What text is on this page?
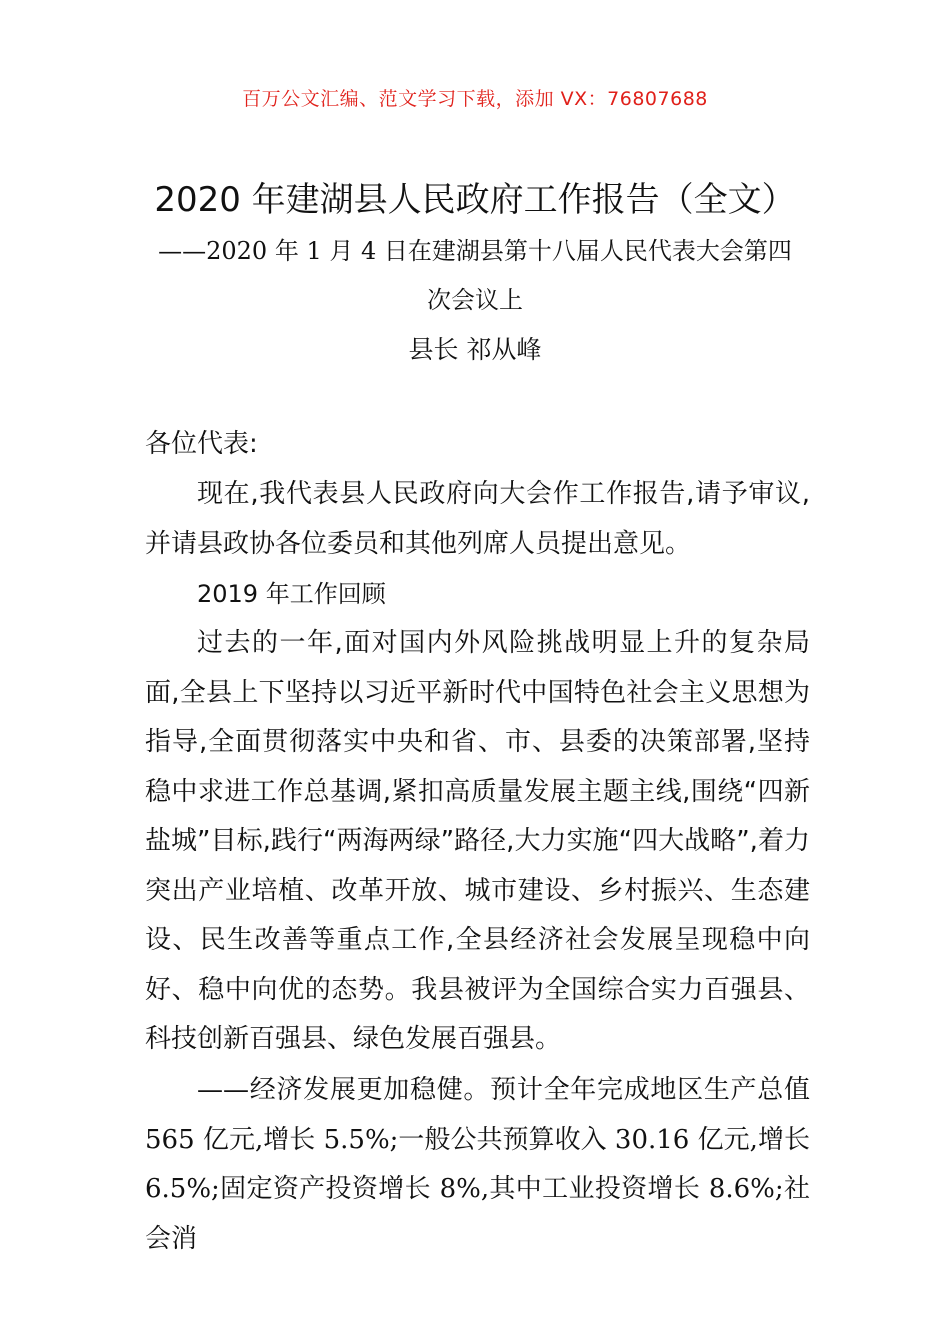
百万公文汇编、范文学习下载，添加 VX：76807688
2020 年建湖县人民政府工作报告（全文）
——2020 年 1 月 4 日在建湖县第十八届人民代表大会第四
次会议上
县长 祁从峰
各位代表:
现在,我代表县人民政府向大会作工作报告,请予审议,并请县政协各位委员和其他列席人员提出意见。
2019 年工作回顾
过去的一年,面对国内外风险挑战明显上升的复杂局面,全县上下坚持以习近平新时代中国特色社会主义思想为指导,全面贯彻落实中央和省、市、县委的决策部署,坚持稳中求进工作总基调,紧扣高质量发展主题主线,围绕“四新盐城”目标,践行“两海两绿”路径,大力实施“四大战略”,着力突出产业培植、改革开放、城市建设、乡村振兴、生态建设、民生改善等重点工作,全县经济社会发展呈现稳中向好、稳中向优的态势。我县被评为全国综合实力百强县、科技创新百强县、绿色发展百强县。
——经济发展更加稳健。预计全年完成地区生产总值 565 亿元,增长 5.5%;一般公共预算收入 30.16 亿元,增长 6.5%;固定资产投资增长 8%,其中工业投资增长 8.6%;社会消
